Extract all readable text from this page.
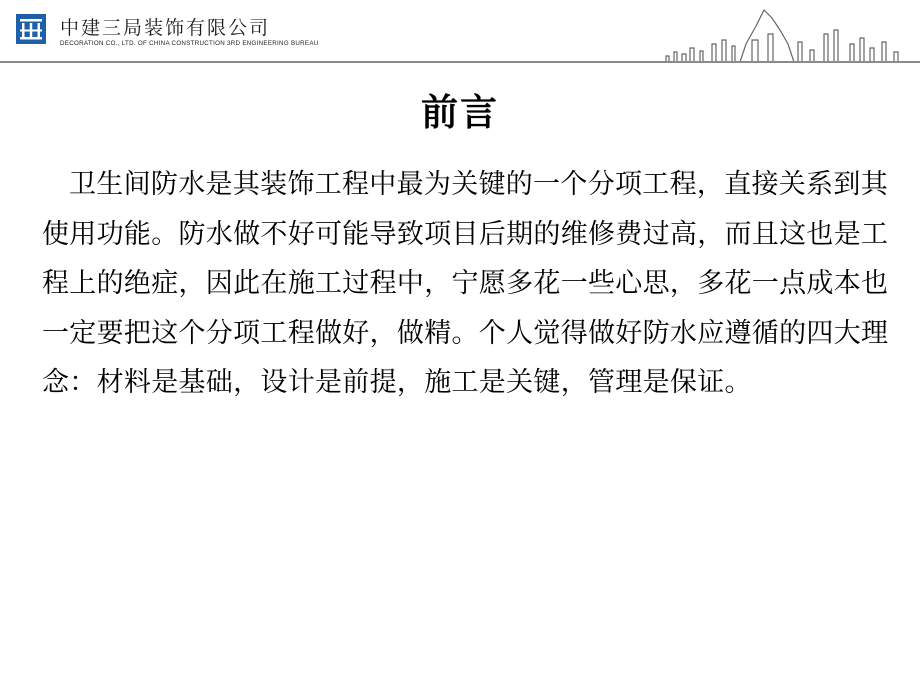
中建三局装饰有限公司
DECORATION CO., LTD. OF CHINA CONSTRUCTION 3RD ENGINEERING BUREAU
前言
卫生间防水是其装饰工程中最为关键的一个分项工程，直接关系到其使用功能。防水做不好可能导致项目后期的维修费过高，而且这也是工程上的绝症，因此在施工过程中，宁愿多花一些心思，多花一点成本也一定要把这个分项工程做好，做精。个人觉得做好防水应遵循的四大理念：材料是基础，设计是前提，施工是关键，管理是保证。
